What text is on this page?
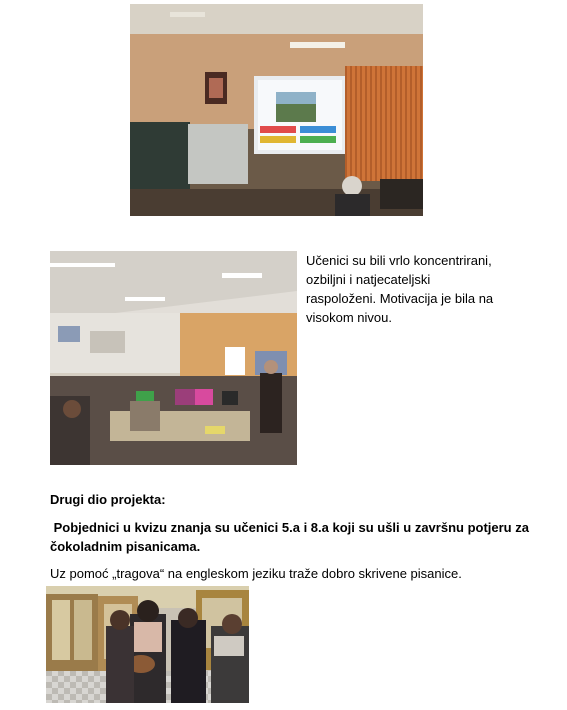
Učenici su bili vrlo koncentrirani,
ozbiljni i natjecateljski
raspoloženi. Motivacija je bila na
visokom nivou.

Drugi dio projekta:

Pobjednici u kvizu znanja su učenici 5.a i 8.a koji su ušli u završnu potjeru za
čokoladnim pisanicama.

Uz pomoć „tragova“ na engleskom jeziku traže dobro skrivene pisanice.
